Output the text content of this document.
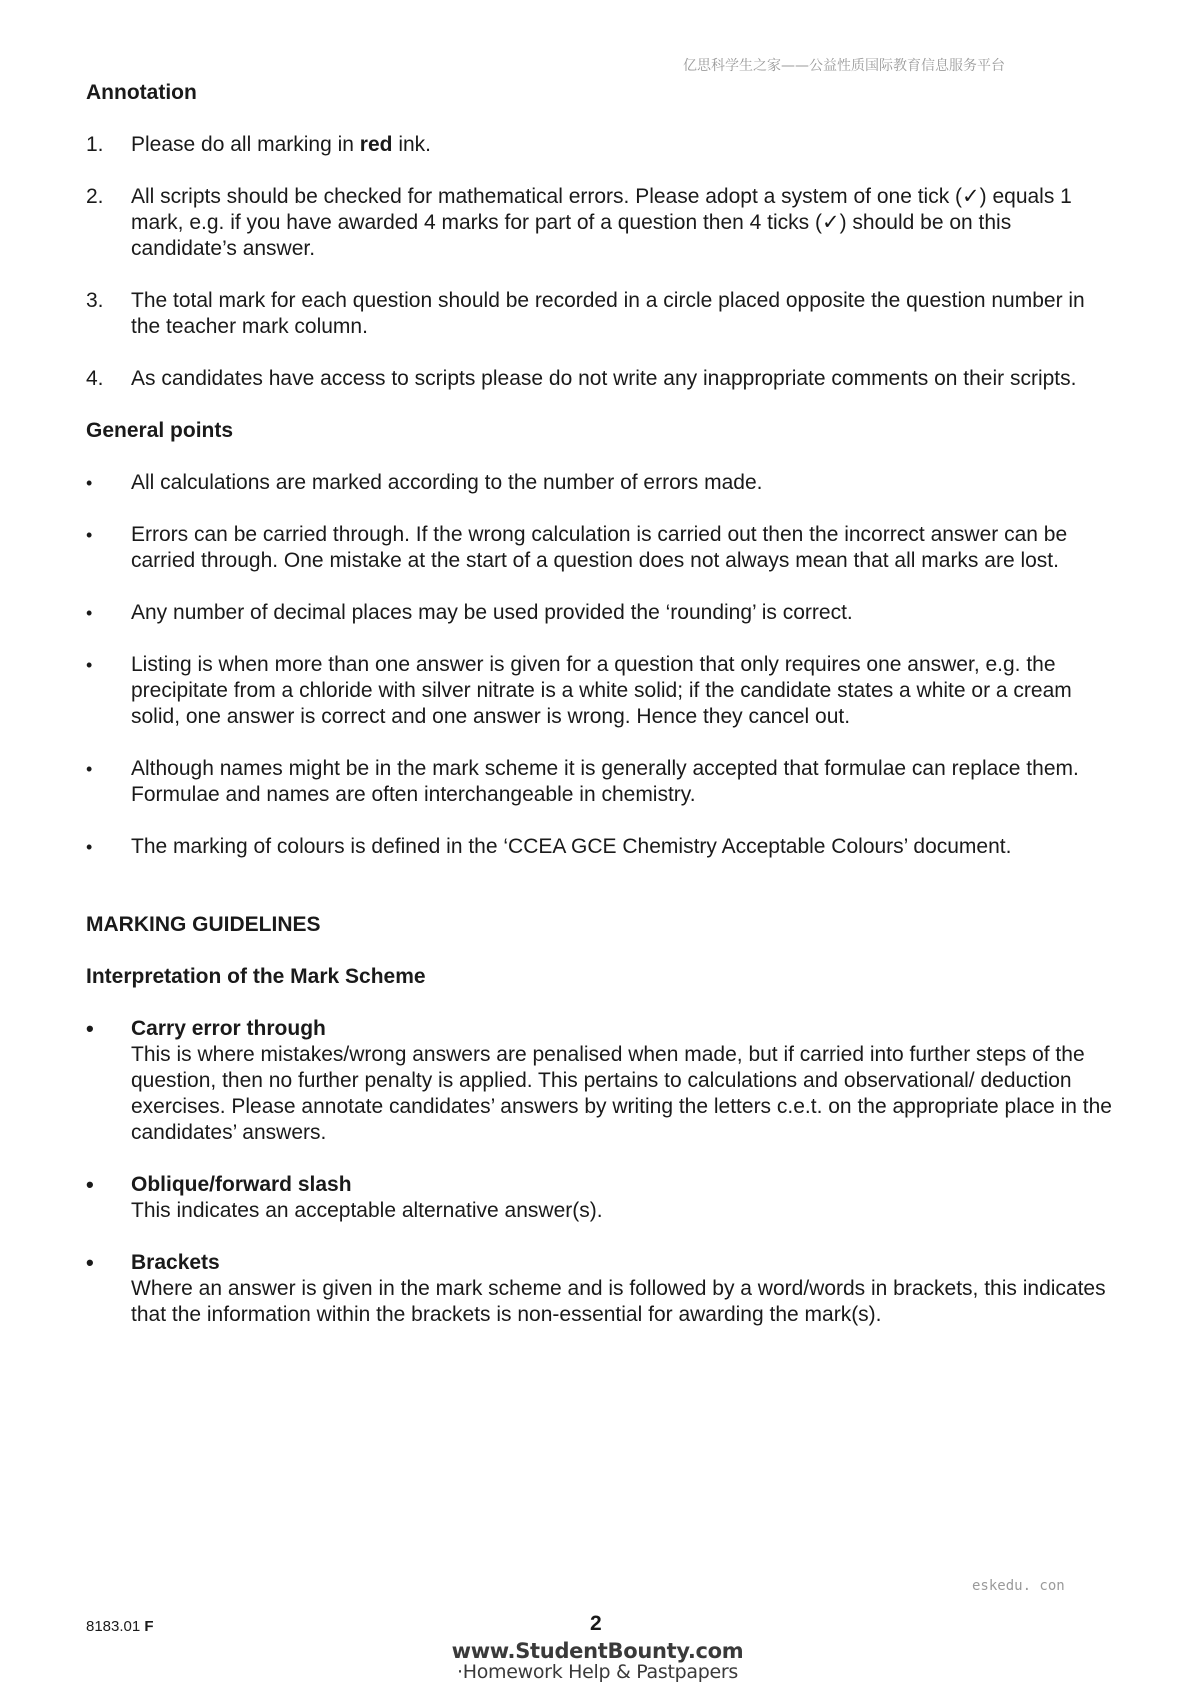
亿思科学生之家——公益性质国际教育信息服务平台
Annotation
1.	Please do all marking in red ink.
2.	All scripts should be checked for mathematical errors. Please adopt a system of one tick (✓) equals 1 mark, e.g. if you have awarded 4 marks for part of a question then 4 ticks (✓) should be on this candidate’s answer.
3.	The total mark for each question should be recorded in a circle placed opposite the question number in the teacher mark column.
4.	As candidates have access to scripts please do not write any inappropriate comments on their scripts.
General points
•	All calculations are marked according to the number of errors made.
•	Errors can be carried through. If the wrong calculation is carried out then the incorrect answer can be carried through. One mistake at the start of a question does not always mean that all marks are lost.
•	Any number of decimal places may be used provided the ‘rounding’ is correct.
•	Listing is when more than one answer is given for a question that only requires one answer, e.g. the precipitate from a chloride with silver nitrate is a white solid; if the candidate states a white or a cream solid, one answer is correct and one answer is wrong. Hence they cancel out.
•	Although names might be in the mark scheme it is generally accepted that formulae can replace them. Formulae and names are often interchangeable in chemistry.
•	The marking of colours is defined in the ‘CCEA GCE Chemistry Acceptable Colours’ document.
MARKING GUIDELINES
Interpretation of the Mark Scheme
•	Carry error through
This is where mistakes/wrong answers are penalised when made, but if carried into further steps of the question, then no further penalty is applied. This pertains to calculations and observational/ deduction exercises. Please annotate candidates’ answers by writing the letters c.e.t. on the appropriate place in the candidates’ answers.
•	Oblique/forward slash
This indicates an acceptable alternative answer(s).
•	Brackets
Where an answer is given in the mark scheme and is followed by a word/words in brackets, this indicates that the information within the brackets is non-essential for awarding the mark(s).
eskedu. con
8183.01 F	2
www.StudentBounty.com
·Homework Help & Pastpapers
